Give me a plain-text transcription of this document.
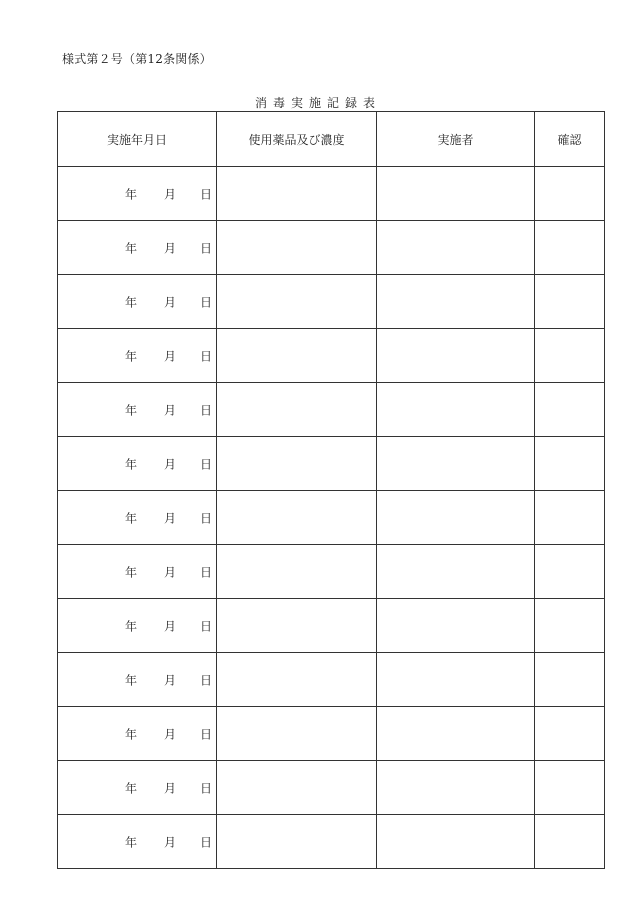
様式第２号（第12条関係）
消毒実施記録表
実施年月日	使用薬品及び濃度	実施者	確認

年 月 日			

年 月 日			

年 月 日			

年 月 日			

年 月 日			

年 月 日			

年 月 日			

年 月 日			

年 月 日			

年 月 日			

年 月 日			

年 月 日			

年 月 日			
